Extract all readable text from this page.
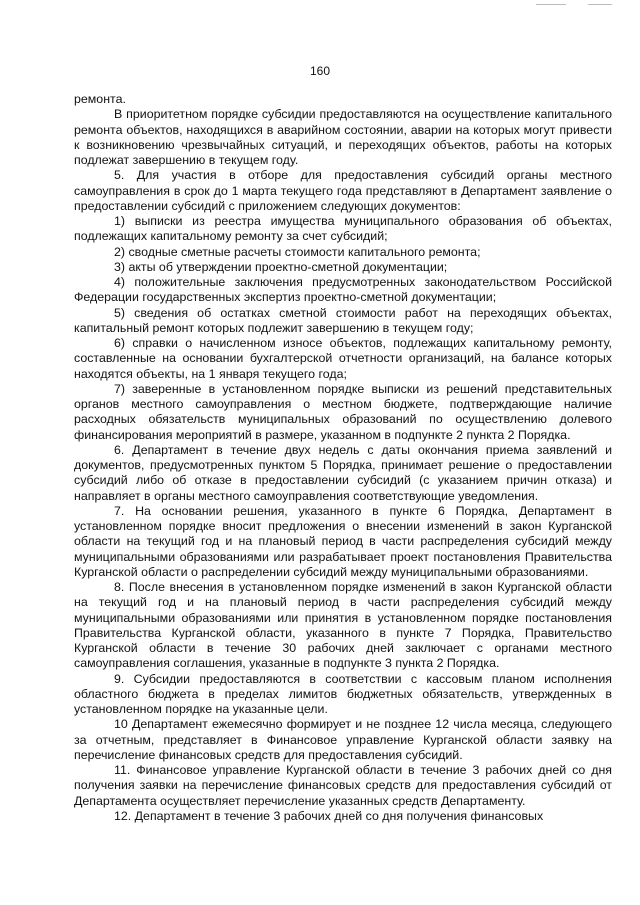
160

ремонта.

В приоритетном порядке субсидии предоставляются на осуществление капитального ремонта объектов, находящихся в аварийном состоянии, аварии на которых могут привести к возникновению чрезвычайных ситуаций, и переходящих объектов, работы на которых подлежат завершению в текущем году.

5. Для участия в отборе для предоставления субсидий органы местного самоуправления в срок до 1 марта текущего года представляют в Департамент заявление о предоставлении субсидий с приложением следующих документов:

1) выписки из реестра имущества муниципального образования об объектах, подлежащих капитальному ремонту за счет субсидий;

2) сводные сметные расчеты стоимости капитального ремонта;

3) акты об утверждении проектно-сметной документации;

4) положительные заключения предусмотренных законодательством Российской Федерации государственных экспертиз проектно-сметной документации;

5) сведения об остатках сметной стоимости работ на переходящих объектах, капитальный ремонт которых подлежит завершению в текущем году;

6) справки о начисленном износе объектов, подлежащих капитальному ремонту, составленные на основании бухгалтерской отчетности организаций, на балансе которых находятся объекты, на 1 января текущего года;

7) заверенные в установленном порядке выписки из решений представительных органов местного самоуправления о местном бюджете, подтверждающие наличие расходных обязательств муниципальных образований по осуществлению долевого финансирования мероприятий в размере, указанном в подпункте 2 пункта 2 Порядка.

6. Департамент в течение двух недель с даты окончания приема заявлений и документов, предусмотренных пунктом 5 Порядка, принимает решение о предоставлении субсидий либо об отказе в предоставлении субсидий (с указанием причин отказа) и направляет в органы местного самоуправления соответствующие уведомления.

7. На основании решения, указанного в пункте 6 Порядка, Департамент в установленном порядке вносит предложения о внесении изменений в закон Курганской области на текущий год и на плановый период в части распределения субсидий между муниципальными образованиями или разрабатывает проект постановления Правительства Курганской области о распределении субсидий между муниципальными образованиями.

8. После внесения в установленном порядке изменений в закон Курганской области на текущий год и на плановый период в части распределения субсидий между муниципальными образованиями или принятия в установленном порядке постановления Правительства Курганской области, указанного в пункте 7 Порядка, Правительство Курганской области в течение 30 рабочих дней заключает с органами местного самоуправления соглашения, указанные в подпункте 3 пункта 2 Порядка.

9. Субсидии предоставляются в соответствии с кассовым планом исполнения областного бюджета в пределах лимитов бюджетных обязательств, утвержденных в установленном порядке на указанные цели.

10 Департамент ежемесячно формирует и не позднее 12 числа месяца, следующего за отчетным, представляет в Финансовое управление Курганской области заявку на перечисление финансовых средств для предоставления субсидий.

11. Финансовое управление Курганской области в течение 3 рабочих дней со дня получения заявки на перечисление финансовых средств для предоставления субсидий от Департамента осуществляет перечисление указанных средств Департаменту.

12. Департамент в течение 3 рабочих дней со дня получения финансовых
